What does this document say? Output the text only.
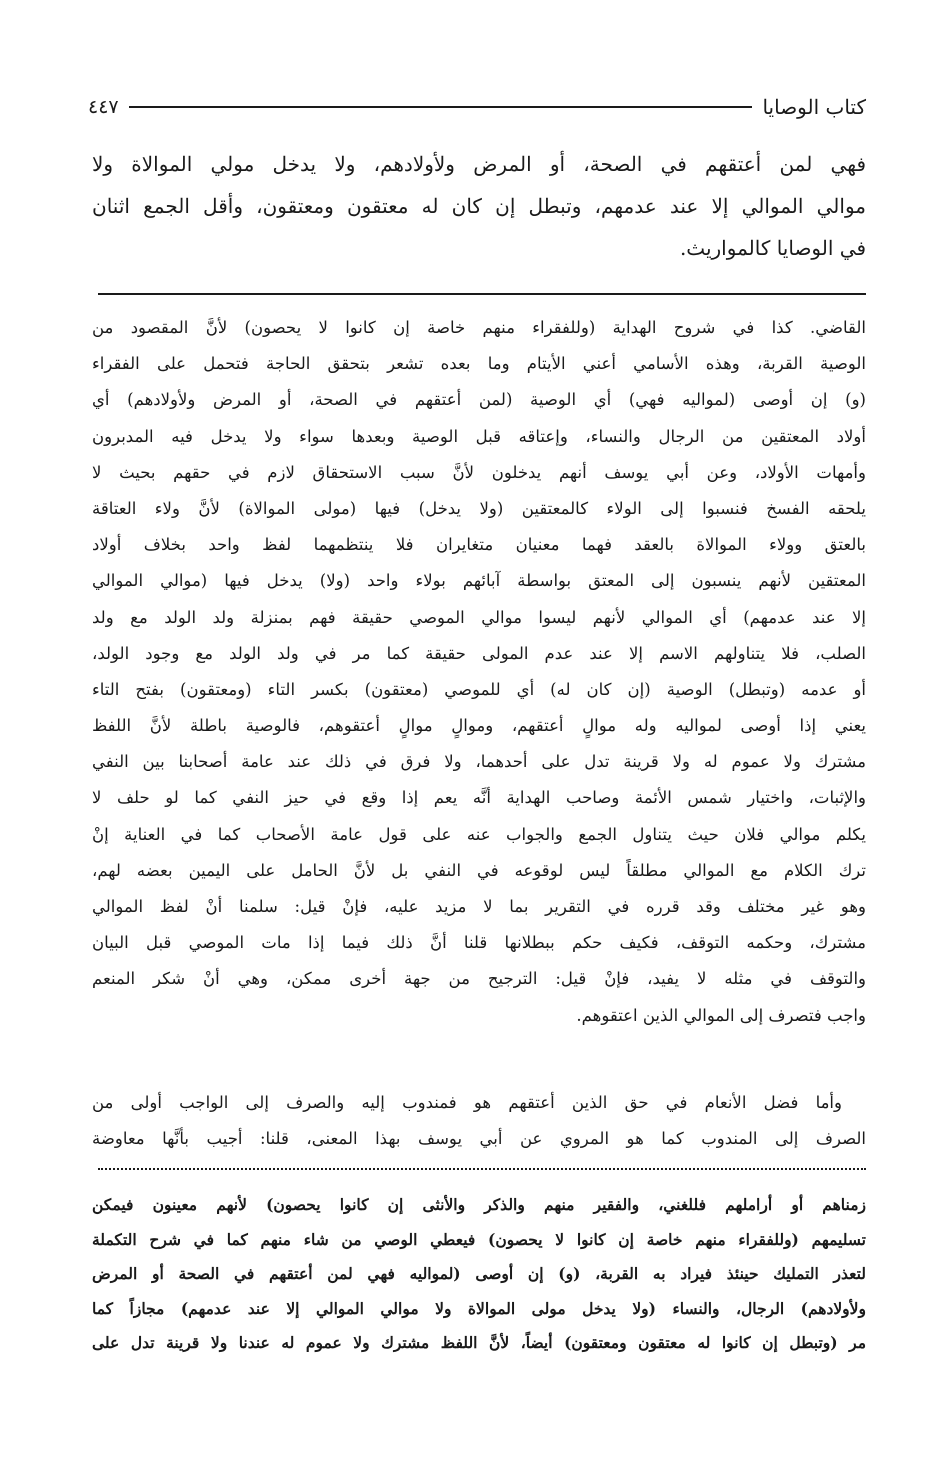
كتاب الوصايا
٤٤٧
فهي لمن أعتقهم في الصحة، أو المرض ولأولادهم، ولا يدخل مولي الموالاة ولا
موالي الموالي إلا عند عدمهم، وتبطل إن كان له معتقون ومعتقون، وأقل الجمع اثنان
في الوصايا كالمواريث.
القاضي. كذا في شروح الهداية (وللفقراء منهم خاصة إن كانوا لا يحصون) لأنَّ المقصود من
الوصية القربة، وهذه الأسامي أعني الأيتام وما بعده تشعر بتحقق الحاجة فتحمل على الفقراء
(و) إن أوصى (لمواليه فهي) أي الوصية (لمن أعتقهم في الصحة، أو المرض ولأولادهم) أي
أولاد المعتقين من الرجال والنساء، وإعتاقه قبل الوصية وبعدها سواء ولا يدخل فيه المدبرون
وأمهات الأولاد، وعن أبي يوسف أنهم يدخلون لأنَّ سبب الاستحقاق لازم في حقهم بحيث لا
يلحقه الفسخ فنسبوا إلى الولاء كالمعتقين (ولا يدخل) فيها (مولى الموالاة) لأنَّ ولاء العتاقة
بالعتق وولاء الموالاة بالعقد فهما معنيان متغايران فلا ينتظمهما لفظ واحد بخلاف أولاد
المعتقين لأنهم ينسبون إلى المعتق بواسطة آبائهم بولاء واحد (ولا) يدخل فيها (موالي الموالي
إلا عند عدمهم) أي الموالي لأنهم ليسوا موالي الموصي حقيقة فهم بمنزلة ولد الولد مع ولد
الصلب، فلا يتناولهم الاسم إلا عند عدم المولى حقيقة كما مر في ولد الولد مع وجود الولد،
أو عدمه (وتبطل) الوصية (إن كان له) أي للموصي (معتقون) بكسر التاء (ومعتقون) بفتح التاء
يعني إذا أوصى لمواليه وله موالٍ أعتقهم، وموالٍ موالٍ أعتقوهم، فالوصية باطلة لأنَّ اللفظ
مشترك ولا عموم له ولا قرينة تدل على أحدهما، ولا فرق في ذلك عند عامة أصحابنا بين النفي
والإثبات، واختيار شمس الأئمة وصاحب الهداية أنَّه يعم إذا وقع في حيز النفي كما لو حلف لا
يكلم موالي فلان حيث يتناول الجمع والجواب عنه على قول عامة الأصحاب كما في العناية إنْ
ترك الكلام مع الموالي مطلقاً ليس لوقوعه في النفي بل لأنَّ الحامل على اليمين بعضه لهم،
وهو غير مختلف وقد قرره في التقرير بما لا مزيد عليه، فإنْ قيل: سلمنا أنْ لفظ الموالي
مشترك، وحكمه التوقف، فكيف حكم ببطلانها قلنا أنَّ ذلك فيما إذا مات الموصي قبل البيان
والتوقف في مثله لا يفيد، فإنْ قيل: الترجيح من جهة أخرى ممكن، وهي أنْ شكر المنعم
واجب فتصرف إلى الموالي الذين اعتقوهم.
وأما فضل الأنعام في حق الذين أعتقهم هو فمندوب إليه والصرف إلى الواجب أولى من
الصرف إلى المندوب كما هو المروي عن أبي يوسف بهذا المعنى، قلنا: أجيب بأنَّها معاوضة
زمناهم أو أراملهم فللغني، والفقير منهم والذكر والأنثى إن كانوا يحصون) لأنهم معينون فيمكن
تسليمهم (وللفقراء منهم خاصة إن كانوا لا يحصون) فيعطي الوصي من شاء منهم كما في شرح التكملة
لتعذر التمليك حينئذ فيراد به القربة، (و) إن أوصى (لمواليه فهي لمن أعتقهم في الصحة أو المرض
ولأولادهم) الرجال، والنساء (ولا يدخل مولى الموالاة ولا موالي الموالي إلا عند عدمهم) مجازاً كما
مر (وتبطل إن كانوا له معتقون ومعتقون) أيضاً، لأنَّ اللفظ مشترك ولا عموم له عندنا ولا قرينة تدل على
